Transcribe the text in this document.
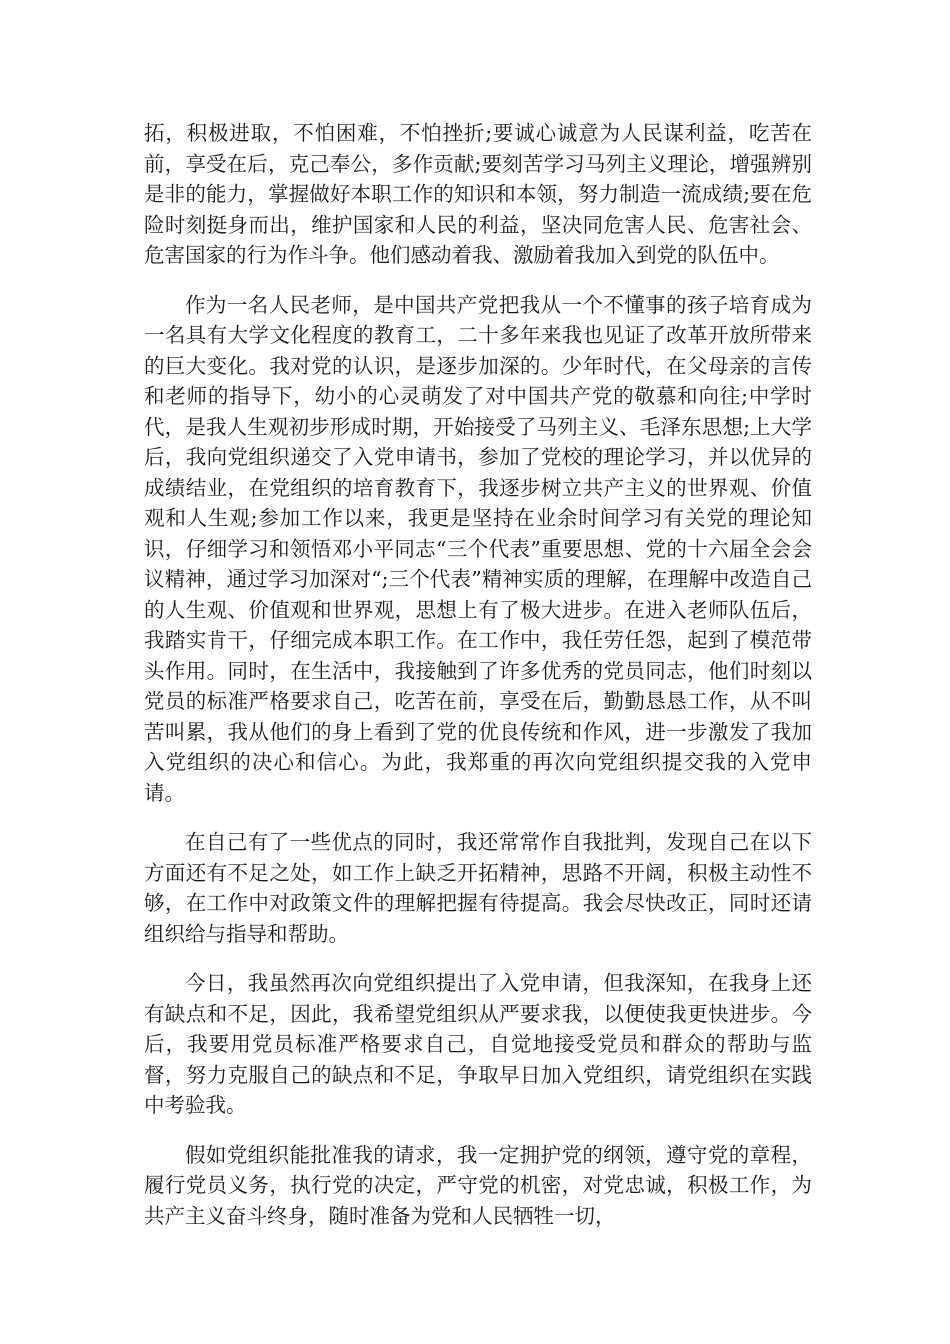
拓，积极进取，不怕困难，不怕挫折;要诚心诚意为人民谋利益，吃苦在前，享受在后，克己奉公，多作贡献;要刻苦学习马列主义理论，增强辨别是非的能力，掌握做好本职工作的知识和本领，努力制造一流成绩;要在危险时刻挺身而出，维护国家和人民的利益，坚决同危害人民、危害社会、危害国家的行为作斗争。他们感动着我、激励着我加入到党的队伍中。

作为一名人民老师，是中国共产党把我从一个不懂事的孩子培育成为一名具有大学文化程度的教育工，二十多年来我也见证了改革开放所带来的巨大变化。我对党的认识，是逐步加深的。少年时代，在父母亲的言传和老师的指导下，幼小的心灵萌发了对中国共产党的敬慕和向往;中学时代，是我人生观初步形成时期，开始接受了马列主义、毛泽东思想;上大学后，我向党组织递交了入党申请书，参加了党校的理论学习，并以优异的成绩结业，在党组织的培育教育下，我逐步树立共产主义的世界观、价值观和人生观;参加工作以来，我更是坚持在业余时间学习有关党的理论知识，仔细学习和领悟邓小平同志“三个代表”重要思想、党的十六届全会会议精神，通过学习加深对“;三个代表”精神实质的理解，在理解中改造自己的人生观、价值观和世界观，思想上有了极大进步。在进入老师队伍后，我踏实肯干，仔细完成本职工作。在工作中，我任劳任怨，起到了模范带头作用。同时，在生活中，我接触到了许多优秀的党员同志，他们时刻以党员的标准严格要求自己，吃苦在前，享受在后，勤勤恳恳工作，从不叫苦叫累，我从他们的身上看到了党的优良传统和作风，进一步激发了我加入党组织的决心和信心。为此，我郑重的再次向党组织提交我的入党申请。

在自己有了一些优点的同时，我还常常作自我批判，发现自己在以下方面还有不足之处，如工作上缺乏开拓精神，思路不开阔，积极主动性不够，在工作中对政策文件的理解把握有待提高。我会尽快改正，同时还请组织给与指导和帮助。

今日，我虽然再次向党组织提出了入党申请，但我深知，在我身上还有缺点和不足，因此，我希望党组织从严要求我，以便使我更快进步。今后，我要用党员标准严格要求自己，自觉地接受党员和群众的帮助与监督，努力克服自己的缺点和不足，争取早日加入党组织，请党组织在实践中考验我。

假如党组织能批准我的请求，我一定拥护党的纲领，遵守党的章程，履行党员义务，执行党的决定，严守党的机密，对党忠诚，积极工作，为共产主义奋斗终身，随时准备为党和人民牺牲一切，
